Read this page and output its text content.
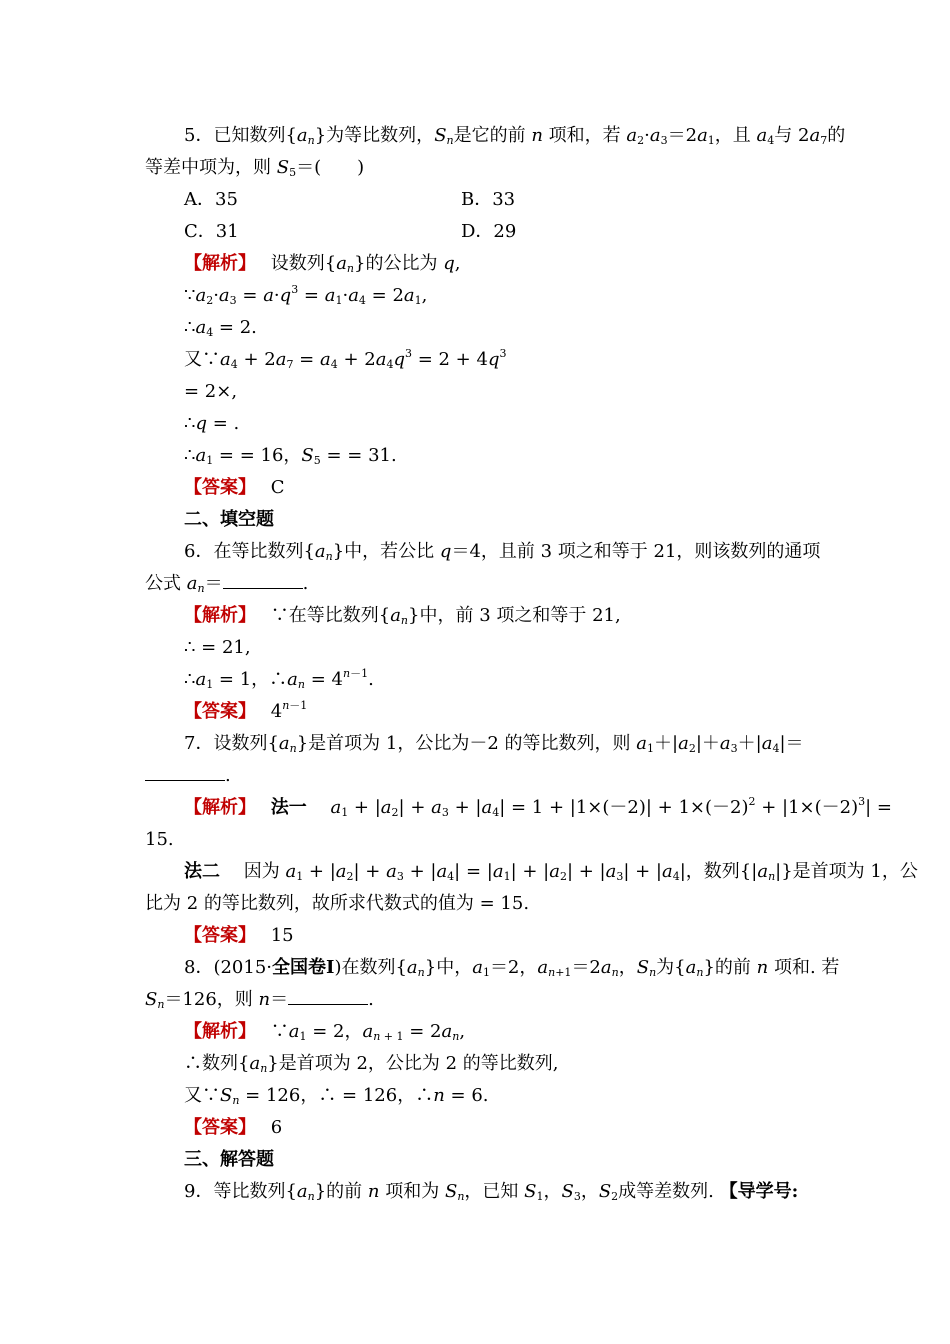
5．已知数列$\{a_n\}$为等比数列，$S_n$是它的前 n 项和，若 $a_2\cdot a_3=2a_1$，且 $a_4$与 $2a_7$的
等差中项为，则 $S_5=$(　　)
A．35	B．33
C．31	D．29
【解析】　 设数列$\{a_n\}$的公比为 q,
$\because a_2\cdot a_3 = a\cdot q^3 = a_1\cdot a_4 = 2a_1$,
$\therefore a_4 = 2$.
又$\because a_4 + 2a_7 = a_4 + 2a_4q^3 = 2 + 4q^3$
= 2×,
∴q = .
$\therefore a_1$ = = 16，$S_5$ = = 31.
【答案】　 C
二、填空题
6．在等比数列$\{a_n\}$中，若公比 q＝4，且前 3 项之和等于 21，则该数列的通项
公式 $a_n=$	.
【解析】　 ∵在等比数列$\{a_n\}$中，前 3 项之和等于 21,
∴ = 21,
$\therefore a_1 = 1$，$\therefore a_n = 4^{n-1}$.
【答案】　 $4^{n-1}$
7．设数列$\{a_n\}$是首项为 1，公比为－2 的等比数列，则 $a_1+|a_2|+a_3+|a_4|=$
.
【解析】　 法一　 $a_1 + |a_2| + a_3 + |a_4| = 1 + |1\times(-2)| + 1\times(-2)^2 + |1\times(-2)^3|$ =
15.
法二　 因为 $a_1 + |a_2| + a_3 + |a_4| = |a_1| + |a_2| + |a_3| + |a_4|$，数列$\{|a_n|\}$是首项为 1，公
比为 2 的等比数列，故所求代数式的值为 = 15.
【答案】　 15
8．(2015·全国卷Ⅰ)在数列$\{a_n\}$中，$a_1=2$，$a_{n+1}=2a_n$，$S_n$为$\{a_n\}$的前 n 项和. 若
$S_n=126$，则 n＝	.
【解析】　 $\because a_1 = 2$，$a_{n + 1} = 2a_n$,
∴数列$\{a_n\}$是首项为 2，公比为 2 的等比数列,
又$\because S_n = 126$，∴ = 126，∴n = 6.
【答案】　 6
三、解答题
9．等比数列$\{a_n\}$的前 n 项和为 $S_n$，已知 $S_1$，$S_3$，$S_2$成等差数列. 【导学号:
